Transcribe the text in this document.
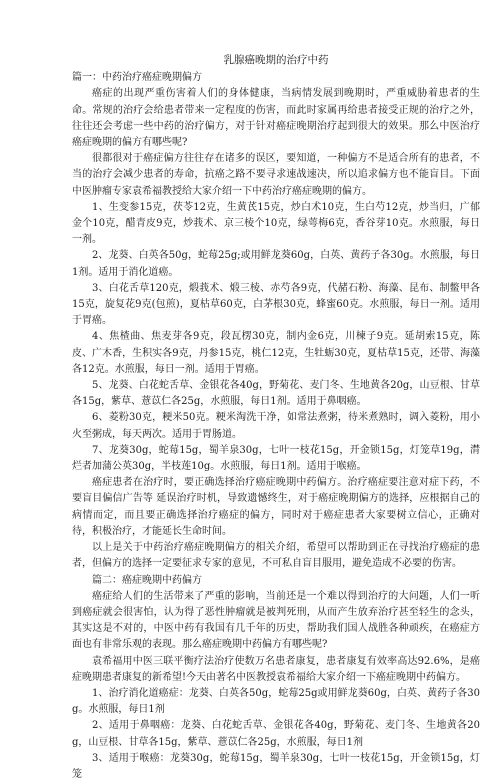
乳腺癌晚期的治疗中药

篇一：中药治疗癌症晚期偏方

癌症的出现严重伤害着人们的身体健康，当病情发展到晚期时，严重威胁着患者的生命。常规的治疗会给患者带来一定程度的伤害，而此时家属再给患者接受正规的治疗之外，往往还会考虑一些中药的治疗偏方，对于针对癌症晚期治疗起到很大的效果。那么中医治疗癌症晚期的偏方有哪些呢?

很都很对于癌症偏方往往存在诸多的误区，要知道，一种偏方不是适合所有的患者，不当的治疗会减少患者的寿命，抗癌之路不要寻求速战速决，所以追求偏方也不能盲目。下面中医肿瘤专家袁希福教授给大家介绍一下中药治疗癌症晚期的偏方。

1、生变参15克，茯苓12克，生黄芪15克，炒白术10克，生白芍12克，炒当归，广郁金个10克，醋青皮9克，炒莪术、京三棱个10克，绿萼梅6克，香谷芽10克。水煎服，每日一剂。

2、龙葵、白英各50g，蛇莓25g;或用鲜龙葵60g，白英、黄药子各30g。水煎服，每日1剂。适用于消化道癌。

3、白花舌草120克，煅莪术、煅三棱、赤芍各9克，代赭石粉、海藻、昆布、制鳖甲各15克，旋复花9克(包煎)，夏枯草60克，白茅根30克，蜂蜜60克。水煎服，每日一剂。适用于胃癌。

4、焦楂曲、焦麦芽各9克，段瓦楞30克，制内金6克，川楝子9克。延胡索15克，陈皮、广木香，生积实各9克，丹参15克，桃仁12克，生牡蛎30克，夏枯草15克，还带、海藻各12克。水煎服，每日一剂。适用于胃癌。

5、龙葵、白花蛇舌草、金银花各40g，野菊花、麦门冬、生地黄各20g，山豆根、甘草各15g，紫草、薏苡仁各25g，水煎服，每日1剂。适用于鼻咽癌。

6、菱粉30克，粳米50克。粳米淘洗干净，如常法煮粥，待米煮熟时，调入菱粉，用小火至粥成，每天两次。适用于胃肠道。

7、龙葵30g，蛇莓15g，蜀羊泉30g，七叶一枝花15g，开金锁15g，灯笼草19g，潸烂者加蒲公英30g，半枝莲10g。水煎服，每日1剂。适用于喉癌。

癌症患者在治疗时，要正确选择治疗癌症晚期中药偏方。治疗癌症要注意对症下药，不要盲目偏信广告等 延误治疗时机，导致遗憾终生，对于癌症晚期偏方的选择，应根据自己的病情而定，而且要正确选择治疗癌症的偏方，同时对于癌症患者大家要树立信心，正确对待，积极治疗，才能延长生命时间。

以上是关于中药治疗癌症晚期偏方的相关介绍，希望可以帮助到正在寻找治疗癌症的患者，但偏方的选择一定要征求专家的意见，不可私自盲目服用，避免造成不必要的伤害。

篇二：癌症晚期中药偏方

癌症给人们的生活带来了严重的影响，当前还是一个难以得到治疗的大问题，人们一听到癌症就会很害怕，认为得了恶性肿瘤就是被判死刑，从而产生放弃治疗甚至轻生的念头，其实这是不对的，中医中药有我国有几千年的历史，帮助我们国人战胜各种顽疾，在癌症方面也有非常乐观的表现。那么癌症晚期中药偏方有哪些呢?

袁希福用中医三联平衡疗法治疗使数万名患者康复，患者康复有效率高达92.6%，是癌症晚期患者康复的新希望!今天由著名中医教授袁希福给大家介绍一下癌症晚期中药偏方。

1、治疗消化道癌症：龙葵、白英各50g，蛇莓25g或用鲜龙葵60g，白英、黄药子各30g。水煎服，每日1剂

2、适用于鼻咽癌：龙葵、白花蛇舌草、金银花各40g，野菊花、麦门冬、生地黄各20g，山豆根、甘草各15g，紫草、薏苡仁各25g，水煎服，每日1剂

3、适用于喉癌：龙葵30g，蛇莓15g，蜀羊泉30g，七叶一枝花15g，开金锁15g，灯笼
